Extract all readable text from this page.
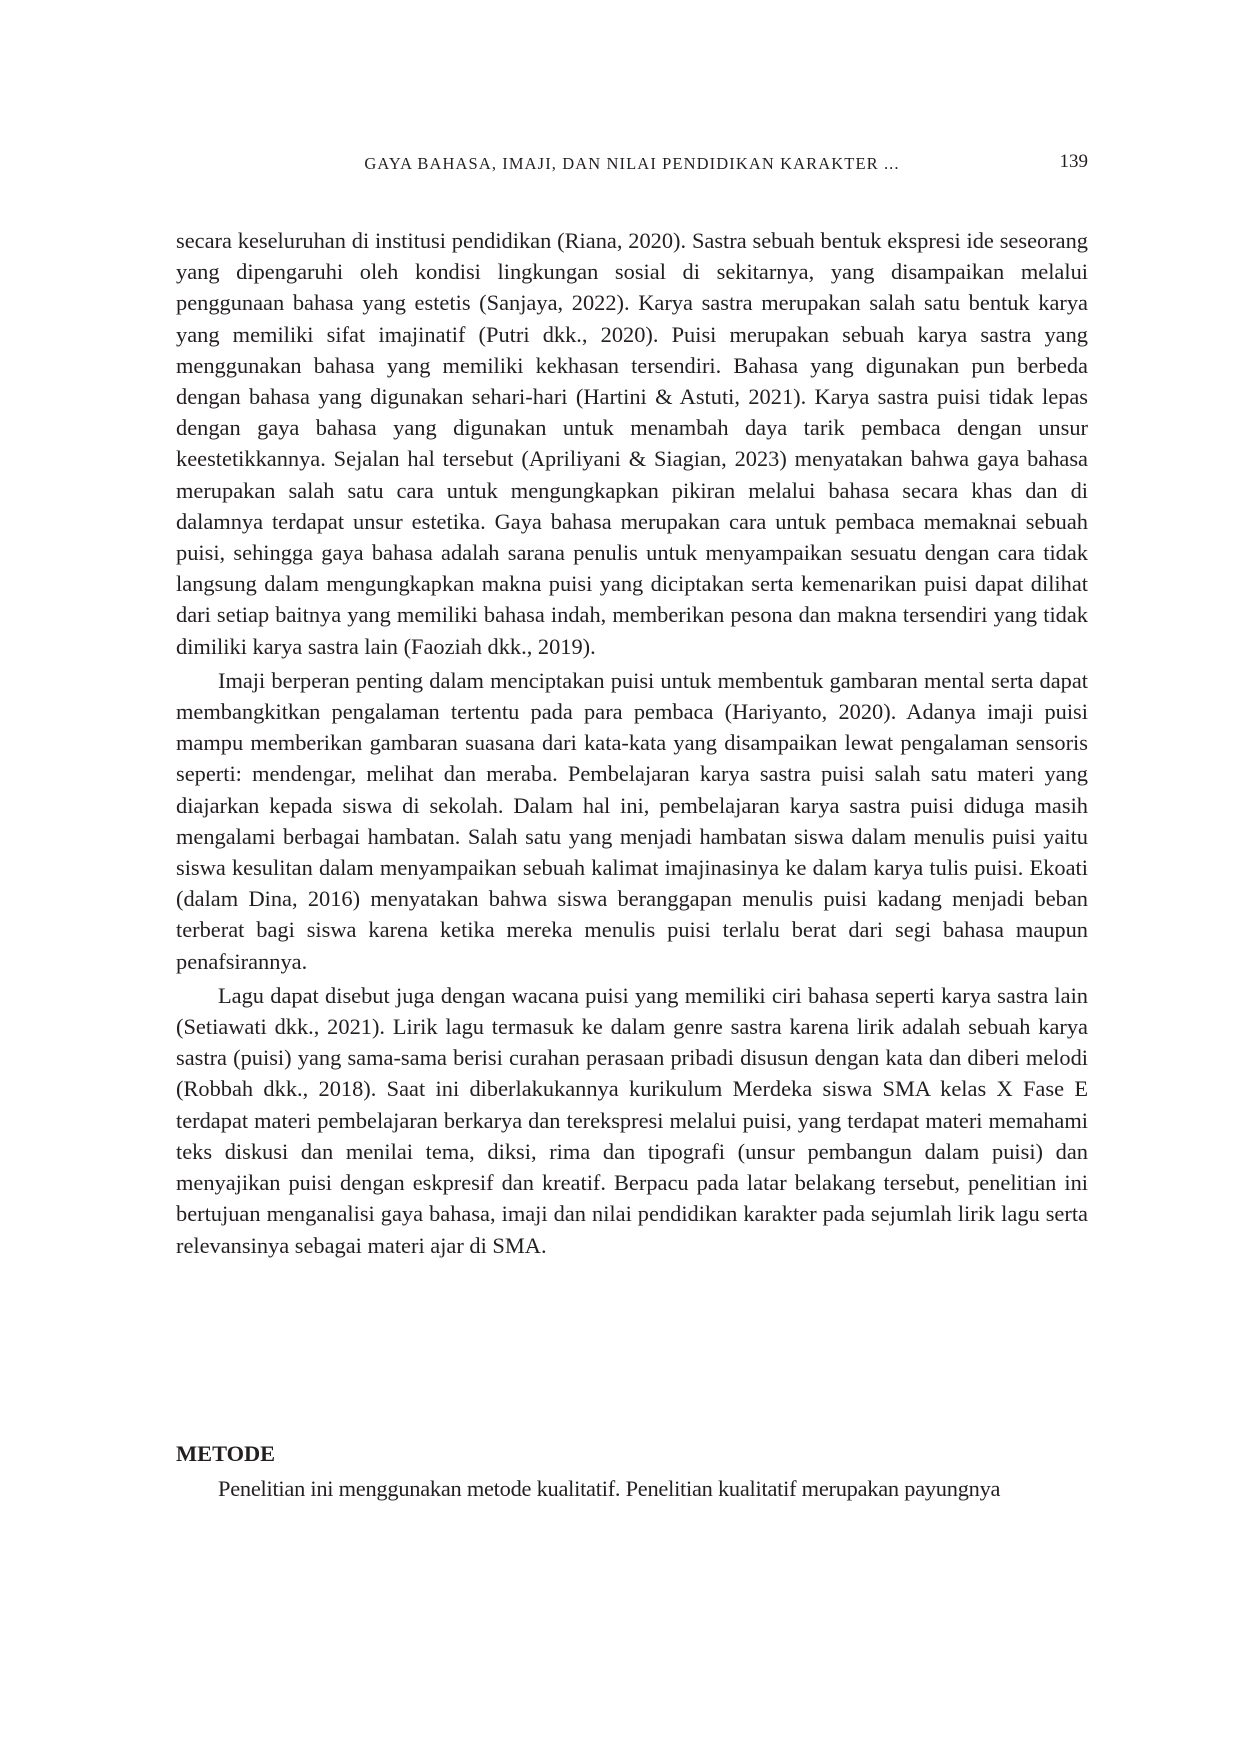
GAYA BAHASA, IMAJI, DAN NILAI PENDIDIKAN KARAKTER ...	139

secara keseluruhan di institusi pendidikan (Riana, 2020). Sastra sebuah bentuk ekspresi ide seseorang yang dipengaruhi oleh kondisi lingkungan sosial di sekitarnya, yang disampaikan melalui penggunaan bahasa yang estetis (Sanjaya, 2022). Karya sastra merupakan salah satu bentuk karya yang memiliki sifat imajinatif (Putri dkk., 2020). Puisi merupakan sebuah karya sastra yang menggunakan bahasa yang memiliki kekhasan tersendiri. Bahasa yang digunakan pun berbeda dengan bahasa yang digunakan sehari-hari (Hartini & Astuti, 2021). Karya sastra puisi tidak lepas dengan gaya bahasa yang digunakan untuk menambah daya tarik pembaca dengan unsur keestetikkannya. Sejalan hal tersebut (Apriliyani & Siagian, 2023) menyatakan bahwa gaya bahasa merupakan salah satu cara untuk mengungkapkan pikiran melalui bahasa secara khas dan di dalamnya terdapat unsur estetika. Gaya bahasa merupakan cara untuk pembaca memaknai sebuah puisi, sehingga gaya bahasa adalah sarana penulis untuk menyampaikan sesuatu dengan cara tidak langsung dalam mengungkapkan makna puisi yang diciptakan serta kemenarikan puisi dapat dilihat dari setiap baitnya yang memiliki bahasa indah, memberikan pesona dan makna tersendiri yang tidak dimiliki karya sastra lain (Faoziah dkk., 2019).

Imaji berperan penting dalam menciptakan puisi untuk membentuk gambaran mental serta dapat membangkitkan pengalaman tertentu pada para pembaca (Hariyanto, 2020). Adanya imaji puisi mampu memberikan gambaran suasana dari kata-kata yang disampaikan lewat pengalaman sensoris seperti: mendengar, melihat dan meraba. Pembelajaran karya sastra puisi salah satu materi yang diajarkan kepada siswa di sekolah. Dalam hal ini, pembelajaran karya sastra puisi diduga masih mengalami berbagai hambatan. Salah satu yang menjadi hambatan siswa dalam menulis puisi yaitu siswa kesulitan dalam menyampaikan sebuah kalimat imajinasinya ke dalam karya tulis puisi. Ekoati (dalam Dina, 2016) menyatakan bahwa siswa beranggapan menulis puisi kadang menjadi beban terberat bagi siswa karena ketika mereka menulis puisi terlalu berat dari segi bahasa maupun penafsirannya.

Lagu dapat disebut juga dengan wacana puisi yang memiliki ciri bahasa seperti karya sastra lain (Setiawati dkk., 2021). Lirik lagu termasuk ke dalam genre sastra karena lirik adalah sebuah karya sastra (puisi) yang sama-sama berisi curahan perasaan pribadi disusun dengan kata dan diberi melodi (Robbah dkk., 2018). Saat ini diberlakukannya kurikulum Merdeka siswa SMA kelas X Fase E terdapat materi pembelajaran berkarya dan terekspresi melalui puisi, yang terdapat materi memahami teks diskusi dan menilai tema, diksi, rima dan tipografi (unsur pembangun dalam puisi) dan menyajikan puisi dengan eskpresif dan kreatif. Berpacu pada latar belakang tersebut, penelitian ini bertujuan menganalisi gaya bahasa, imaji dan nilai pendidikan karakter pada sejumlah lirik lagu serta relevansinya sebagai materi ajar di SMA.

METODE

Penelitian ini menggunakan metode kualitatif. Penelitian kualitatif merupakan payungnya
